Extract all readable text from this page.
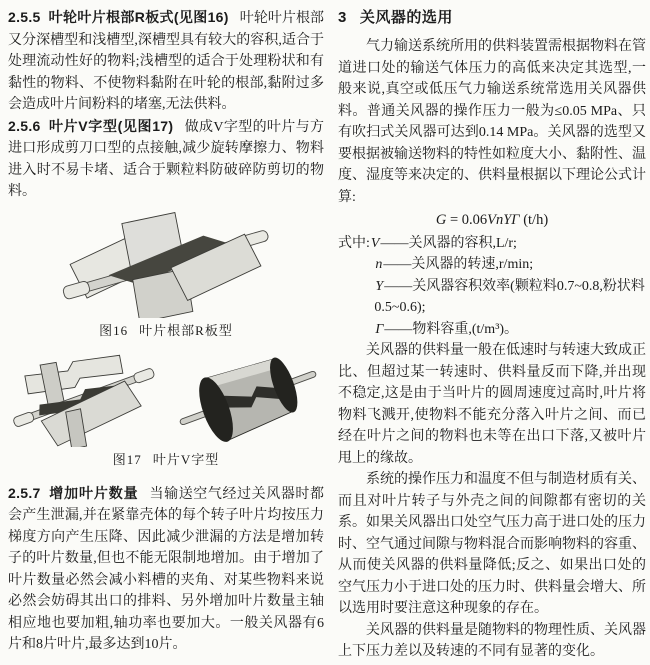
2.5.5 叶轮叶片根部R板式(见图16) 叶轮叶片根部又分深槽型和浅槽型,深槽型具有较大的容积,适合于处理流动性好的物料;浅槽型的适合于处理粉状和有黏性的物料、不使物料黏附在叶轮的根部,黏附过多会造成叶片间粉料的堵塞,无法供料。

2.5.6 叶片V字型(见图17) 做成V字型的叶片与方进口形成剪刀口型的点接触,减少旋转摩擦力、物料进入时不易卡堵、适合于颗粒料防破碎防剪切的物料。

图16 叶片根部R板型
图17 叶片V字型

2.5.7 增加叶片数量 当输送空气经过关风器时都会产生泄漏,并在紧靠壳体的每个转子叶片均按压力梯度方向产生压降、因此减少泄漏的方法是增加转子的叶片数量,但也不能无限制地增加。由于增加了叶片数量必然会减小料槽的夹角、对某些物料来说必然会妨碍其出口的排料、另外增加叶片数量主轴相应地也要加粗,轴功率也要加大。一般关风器有6片和8片叶片,最多达到10片。

3 关风器的选用

气力输送系统所用的供料装置需根据物料在管道进口处的输送气体压力的高低来决定其选型,一般来说,真空或低压气力输送系统常选用关风器供料。普通关风器的操作压力一般为≤0.05 MPa、只有吹扫式关风器可达到0.14 MPa。关风器的选型又要根据被输送物料的特性如粒度大小、黏附性、温度、湿度等来决定的、供料量根据以下理论公式计算:

G = 0.06VnYΓ (t/h)
式中:V——关风器的容积,L/r;
n——关风器的转速,r/min;
Y——关风器容积效率(颗粒料0.7~0.8,粉状料0.5~0.6);
Γ——物料容重,(t/m³)。

关风器的供料量一般在低速时与转速大致成正比、但超过某一转速时、供料量反而下降,并出现不稳定,这是由于当叶片的圆周速度过高时,叶片将物料飞溅开,使物料不能充分落入叶片之间、而已经在叶片之间的物料也未等在出口下落,又被叶片甩上的缘故。

系统的操作压力和温度不但与制造材质有关、而且对叶片转子与外壳之间的间隙都有密切的关系。如果关风器出口处空气压力高于进口处的压力时、空气通过间隙与物料混合而影响物料的容重、从而使关风器的供料量降低;反之、如果出口处的空气压力小于进口处的压力时、供料量会增大、所以选用时要注意这种现象的存在。

关风器的供料量是随物料的物理性质、关风器上下压力差以及转速的不同有显著的变化。
